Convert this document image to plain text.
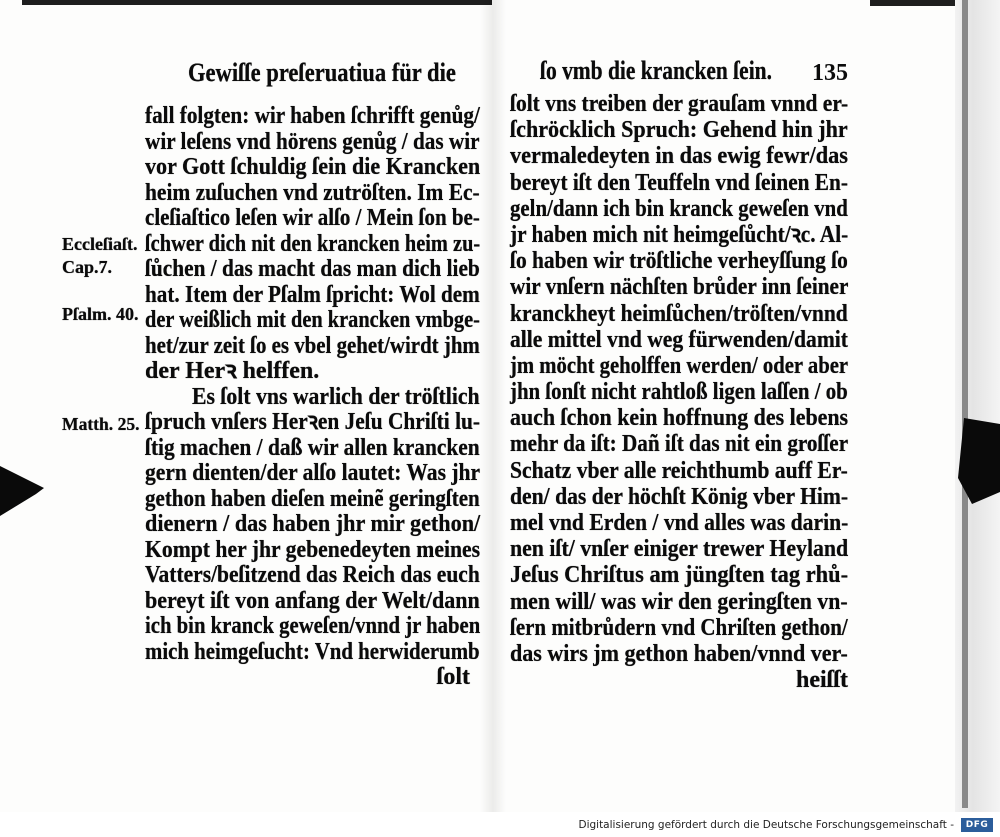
Gewiſſe preſeruatiua für die
Eccleſiaſt.
Cap.7.
Pſalm. 40.
Matth. 25.
fall folgten: wir haben ſchrifft genůg/
wir leſens vnd hörens genůg / das wir
vor Gott ſchuldig ſein die Krancken
heim zuſuchen vnd zutröſten. Im Ec-
cleſiaſtico leſen wir alſo / Mein ſon be-
ſchwer dich nit den krancken heim zu-
ſůchen / das macht das man dich lieb
hat. Item der Pſalm ſpricht: Wol dem
der weißlich mit den krancken vmbge-
het/zur zeit ſo es vbel gehet/wirdt jhm
der Herꝛ helffen.
Es ſolt vns warlich der tröſtlich
ſpruch vnſers Herꝛen Jeſu Chriſti lu-
ſtig machen / daß wir allen krancken
gern dienten/der alſo lautet: Was jhr
gethon haben dieſen meinẽ geringſten
dienern / das haben jhr mir gethon/
Kompt her jhr gebenedeyten meines
Vatters/beſitzend das Reich das euch
bereyt iſt von anfang der Welt/dann
ich bin kranck geweſen/vnnd jr haben
mich heimgeſucht: Vnd herwiderumb
ſolt
ſo vmb die krancken ſein. 135
ſolt vns treiben der grauſam vnnd er-
ſchröcklich Spruch: Gehend hin jhr
vermaledeyten in das ewig fewr/das
bereyt iſt den Teuffeln vnd ſeinen En-
geln/dann ich bin kranck geweſen vnd
jr haben mich nit heimgeſůcht/ꝛc. Al-
ſo haben wir tröſtliche verheyſſung ſo
wir vnſern nächſten brůder inn ſeiner
kranckheyt heimſůchen/tröſten/vnnd
alle mittel vnd weg fürwenden/damit
jm möcht geholffen werden/ oder aber
jhn ſonſt nicht rahtloß ligen laſſen / ob
auch ſchon kein hoffnung des lebens
mehr da iſt: Dañ iſt das nit ein groſſer
Schatz vber alle reichthumb auff Er-
den/ das der höchſt König vber Him-
mel vnd Erden / vnd alles was darin-
nen iſt/ vnſer einiger trewer Heyland
Jeſus Chriſtus am jüngſten tag rhů-
men will/ was wir den geringſten vn-
ſern mitbrůdern vnd Chriſten gethon/
das wirs jm gethon haben/vnnd ver-
heiſſt
Digitalisierung gefördert durch die Deutsche Forschungsgemeinschaft -	DFG
